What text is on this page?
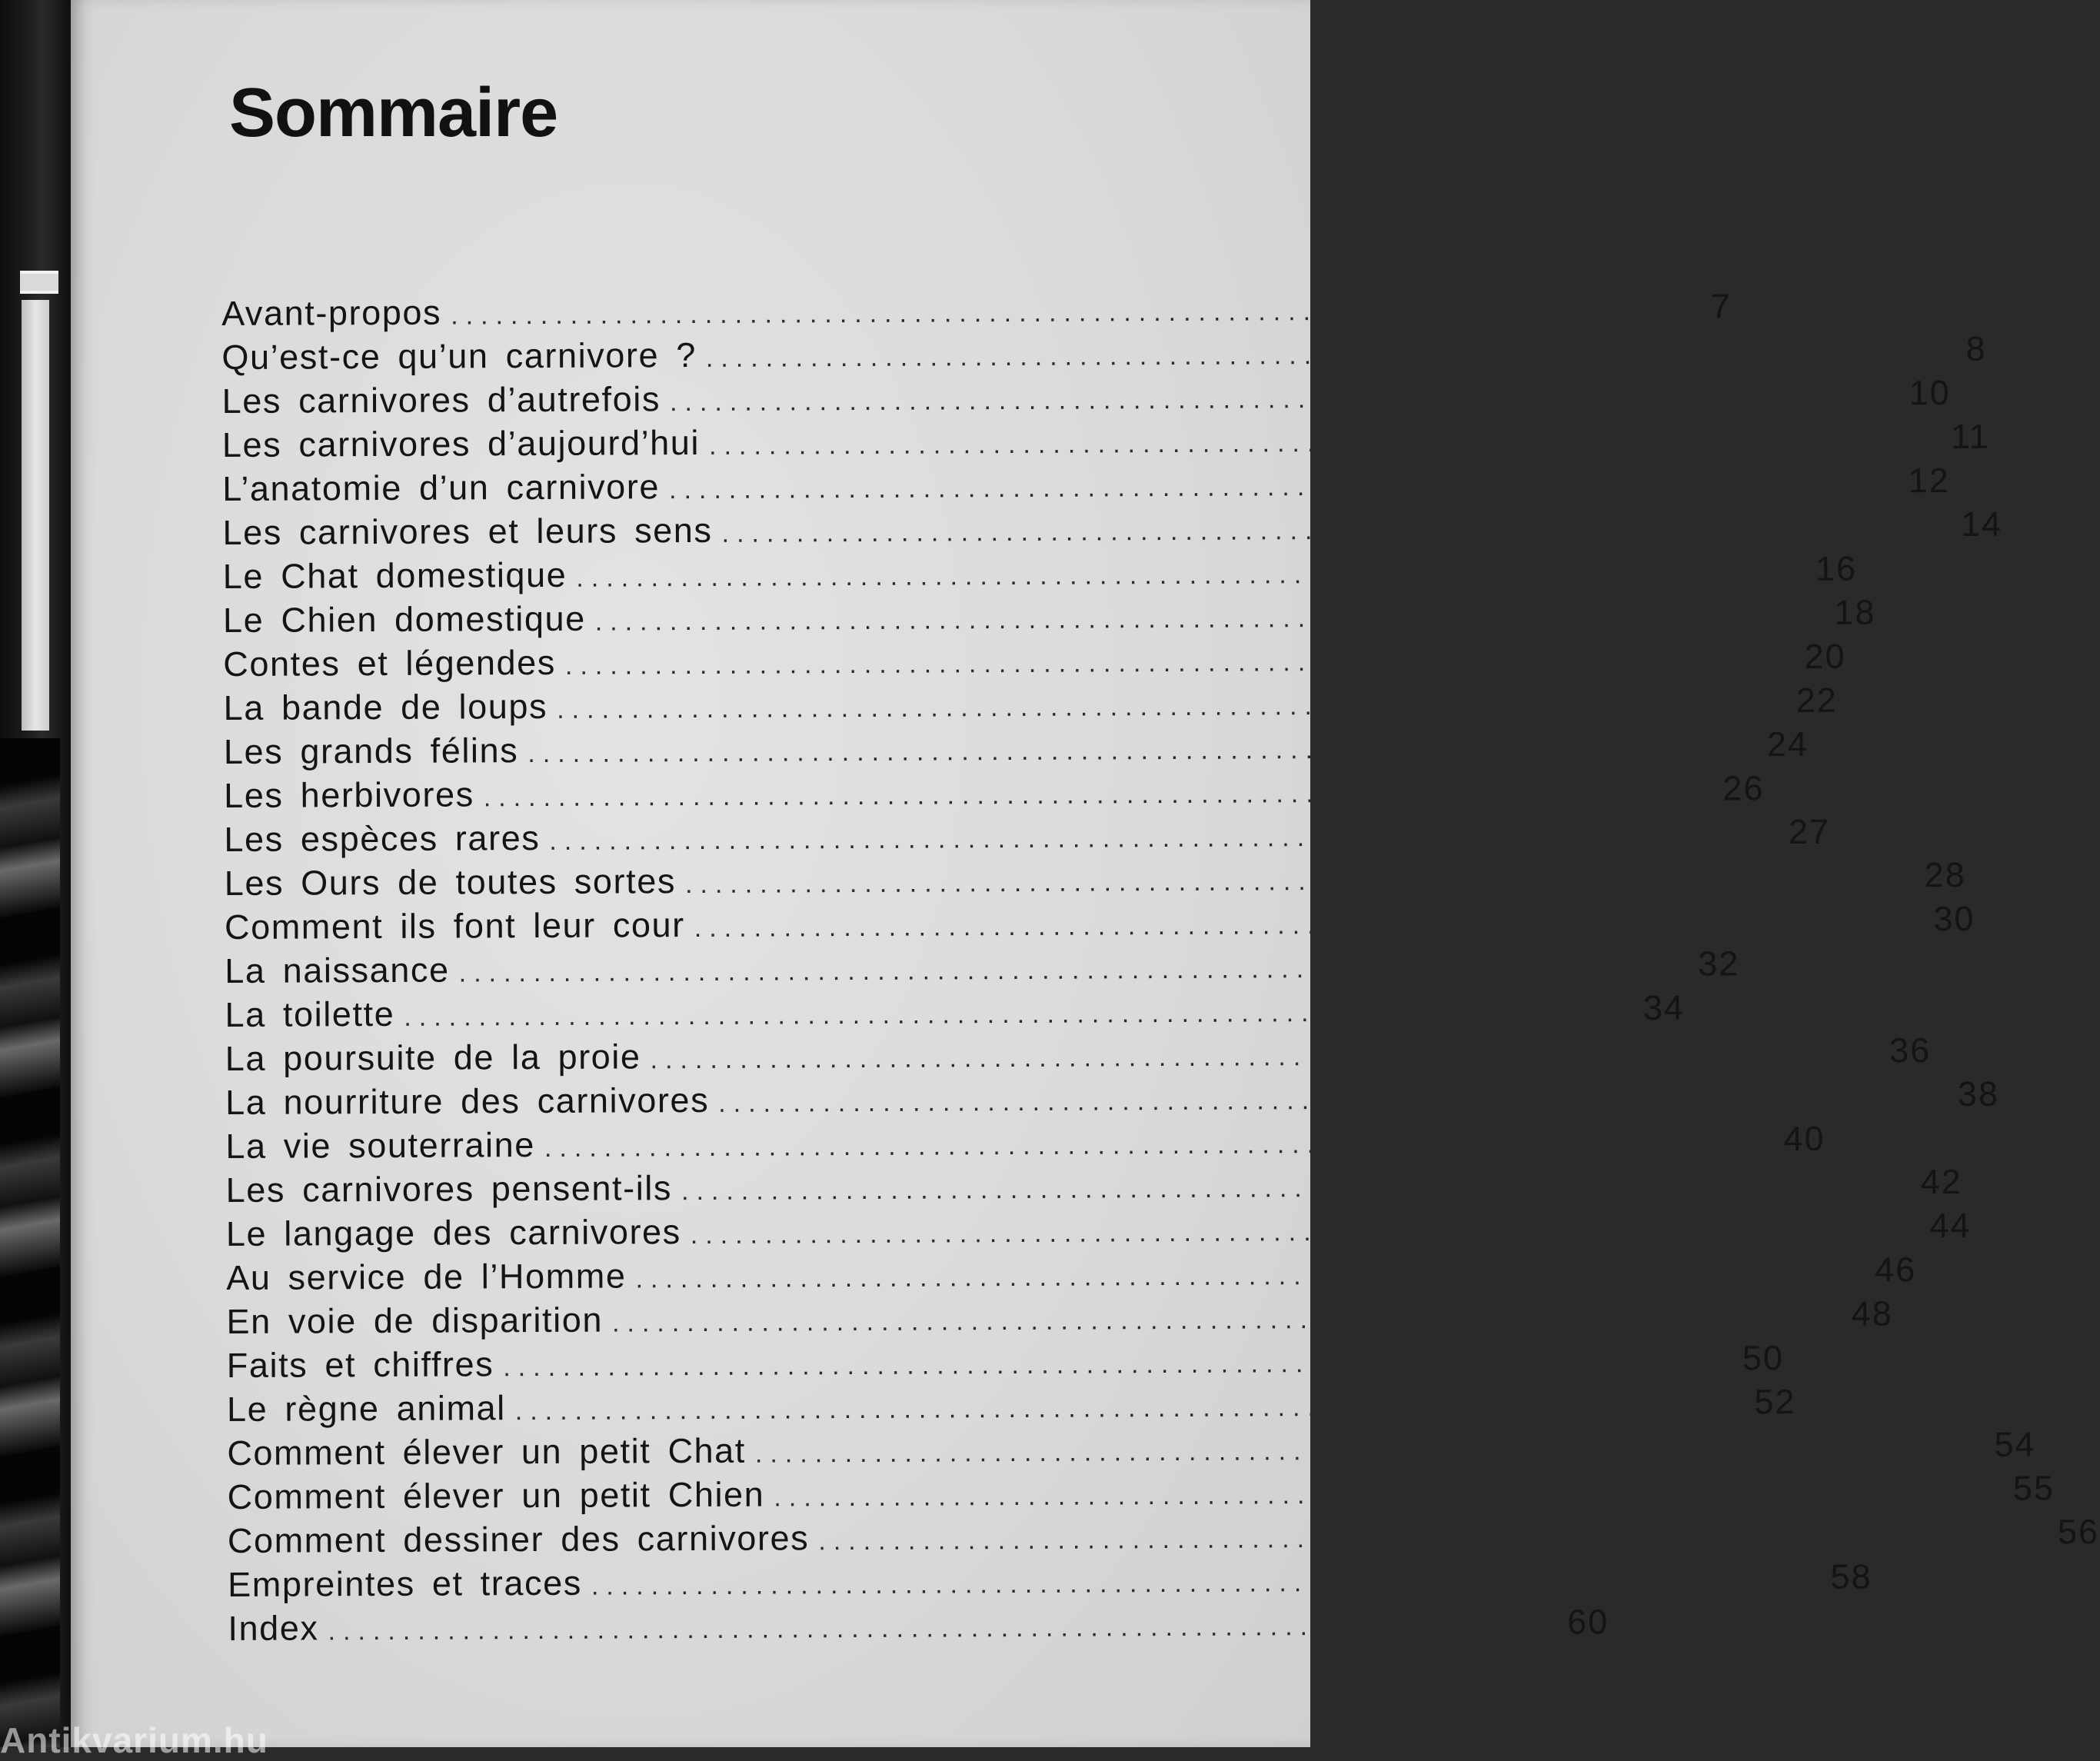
Sommaire
Avant-propos ................................................................................	7
Qu’est-ce qu’un carnivore ? ................................................................................	8
Les carnivores d’autrefois ................................................................................	10
Les carnivores d’aujourd’hui ................................................................................	11
L’anatomie d’un carnivore ................................................................................	12
Les carnivores et leurs sens ................................................................................	14
Le Chat domestique ................................................................................	16
Le Chien domestique ................................................................................	18
Contes et légendes ................................................................................	20
La bande de loups ................................................................................	22
Les grands félins ................................................................................	24
Les herbivores ................................................................................	26
Les espèces rares ................................................................................	27
Les Ours de toutes sortes ................................................................................	28
Comment ils font leur cour ................................................................................	30
La naissance ................................................................................	32
La toilette ................................................................................	34
La poursuite de la proie ................................................................................	36
La nourriture des carnivores ................................................................................	38
La vie souterraine ................................................................................	40
Les carnivores pensent-ils ................................................................................	42
Le langage des carnivores ................................................................................	44
Au service de l’Homme ................................................................................	46
En voie de disparition ................................................................................	48
Faits et chiffres ................................................................................	50
Le règne animal ................................................................................	52
Comment élever un petit Chat ................................................................................	54
Comment élever un petit Chien ................................................................................	55
Comment dessiner des carnivores ................................................................................	56
Empreintes et traces ................................................................................	58
Index ................................................................................	60
Antikvarium.hu
